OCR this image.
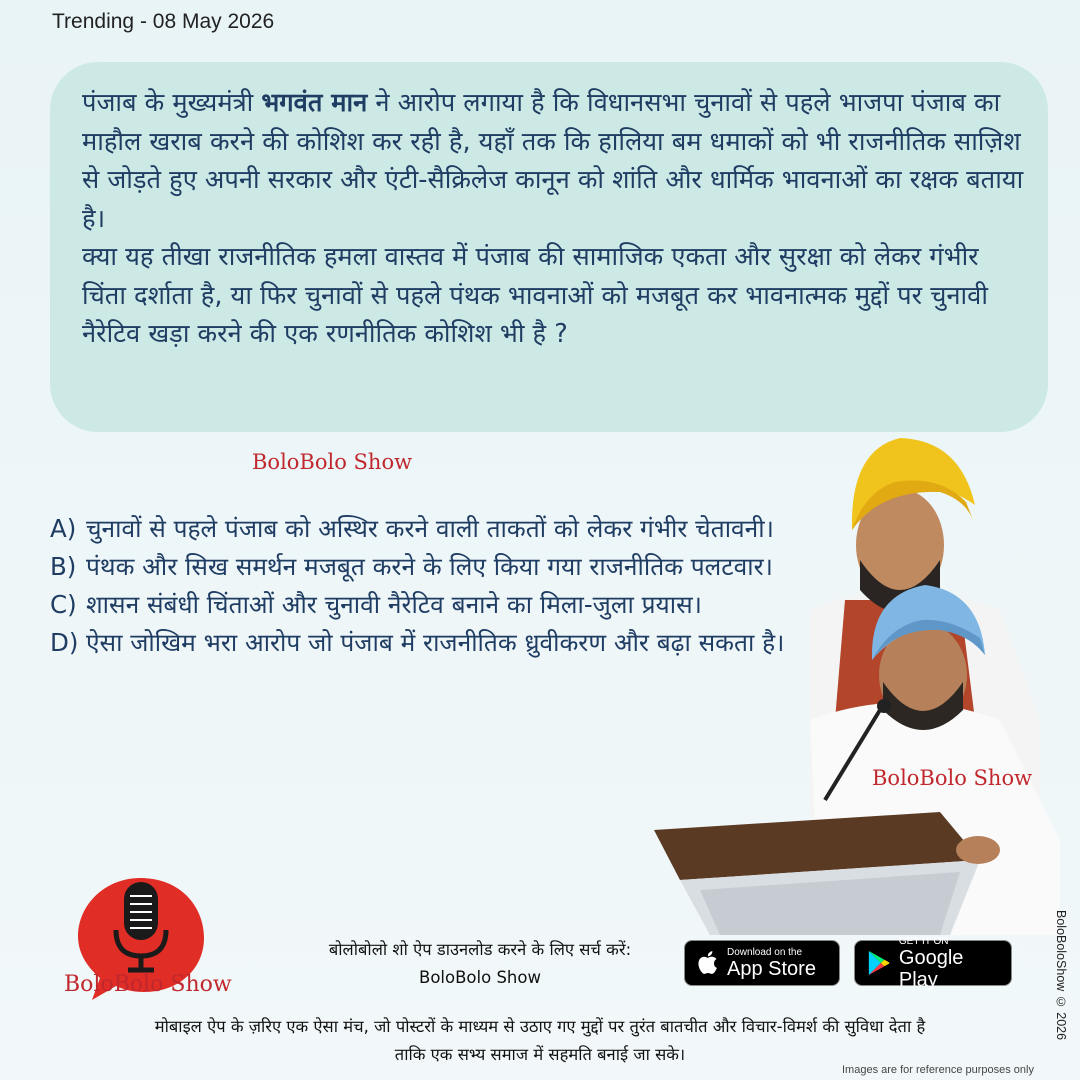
Trending - 08 May 2026
पंजाब के मुख्यमंत्री भगवंत मान ने आरोप लगाया है कि विधानसभा चुनावों से पहले भाजपा पंजाब का माहौल खराब करने की कोशिश कर रही है, यहाँ तक कि हालिया बम धमाकों को भी राजनीतिक साज़िश से जोड़ते हुए अपनी सरकार और एंटी-सैक्रिलेज कानून को शांति और धार्मिक भावनाओं का रक्षक बताया है।
क्या यह तीखा राजनीतिक हमला वास्तव में पंजाब की सामाजिक एकता और सुरक्षा को लेकर गंभीर चिंता दर्शाता है, या फिर चुनावों से पहले पंथक भावनाओं को मजबूत कर भावनात्मक मुद्दों पर चुनावी नैरेटिव खड़ा करने की एक रणनीतिक कोशिश भी है ?
BoloBolo Show
A) चुनावों से पहले पंजाब को अस्थिर करने वाली ताकतों को लेकर गंभीर चेतावनी।
B) पंथक और सिख समर्थन मजबूत करने के लिए किया गया राजनीतिक पलटवार।
C) शासन संबंधी चिंताओं और चुनावी नैरेटिव बनाने का मिला-जुला प्रयास।
D) ऐसा जोखिम भरा आरोप जो पंजाब में राजनीतिक ध्रुवीकरण और बढ़ा सकता है।
BoloBolo Show
BoloBolo Show
बोलोबोलो शो ऐप डाउनलोड करने के लिए सर्च करें:
BoloBolo Show
Download on the
App Store
GET IT ON
Google Play
मोबाइल ऐप के ज़रिए एक ऐसा मंच, जो पोस्टरों के माध्यम से उठाए गए मुद्दों पर तुरंत बातचीत और विचार-विमर्श की सुविधा देता है
ताकि एक सभ्य समाज में सहमति बनाई जा सके।
Images are for reference purposes only
BoloBoloShow © 2026
